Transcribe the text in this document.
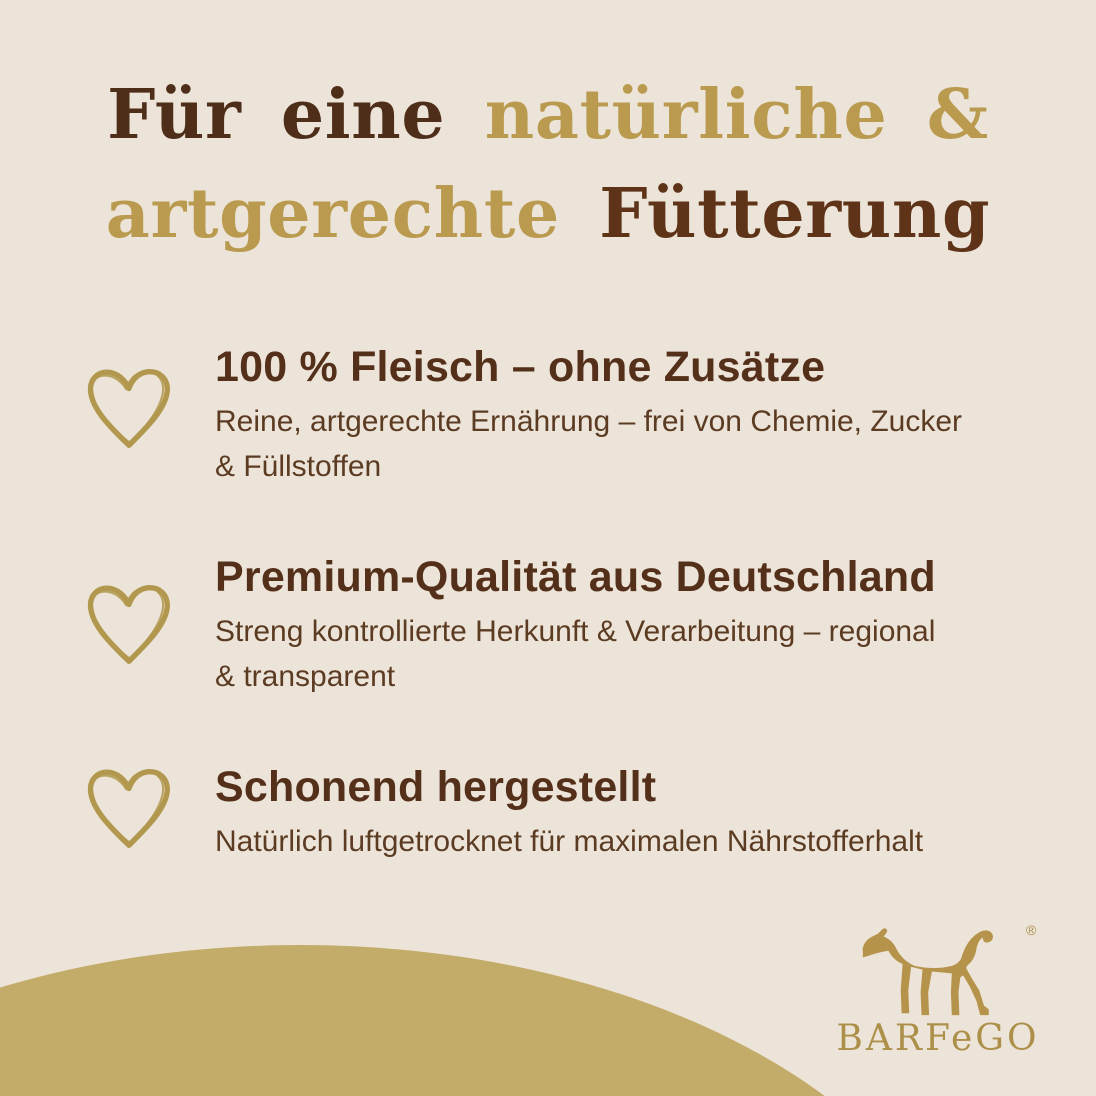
Für eine natürliche &
artgerechte Fütterung
100 % Fleisch – ohne Zusätze
Reine, artgerechte Ernährung – frei von Chemie, Zucker
& Füllstoffen
Premium-Qualität aus Deutschland
Streng kontrollierte Herkunft & Verarbeitung – regional
& transparent
Schonend hergestellt
Natürlich luftgetrocknet für maximalen Nährstofferhalt
®
BARFeGO
